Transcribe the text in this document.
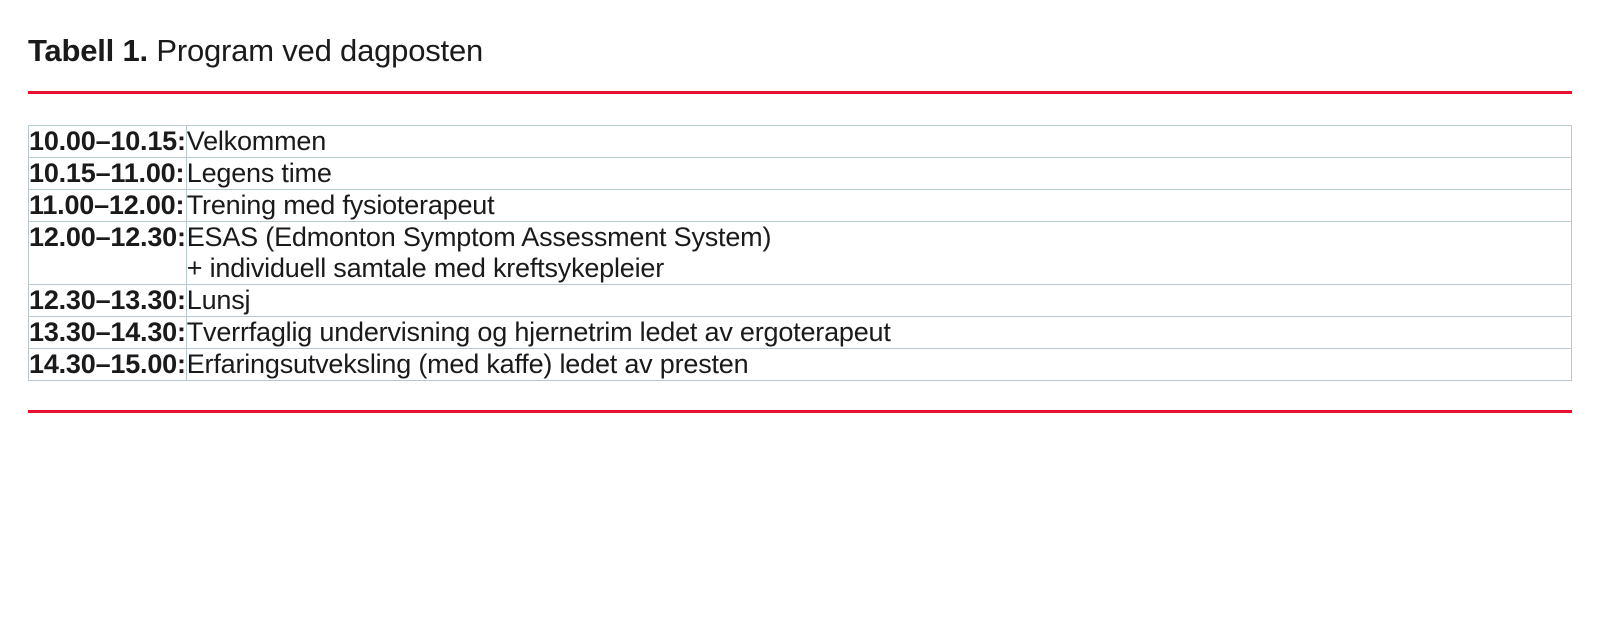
Tabell 1. Program ved dagposten
10.00–10.15:	Velkommen
10.15–11.00:	Legens time
11.00–12.00:	Trening med fysioterapeut
12.00–12.30:	ESAS (Edmonton Symptom Assessment System)
+ individuell samtale med kreftsykepleier

12.30–13.30:	Lunsj
13.30–14.30:	Tverrfaglig undervisning og hjernetrim ledet av ergoterapeut
14.30–15.00:	Erfaringsutveksling (med kaffe) ledet av presten
